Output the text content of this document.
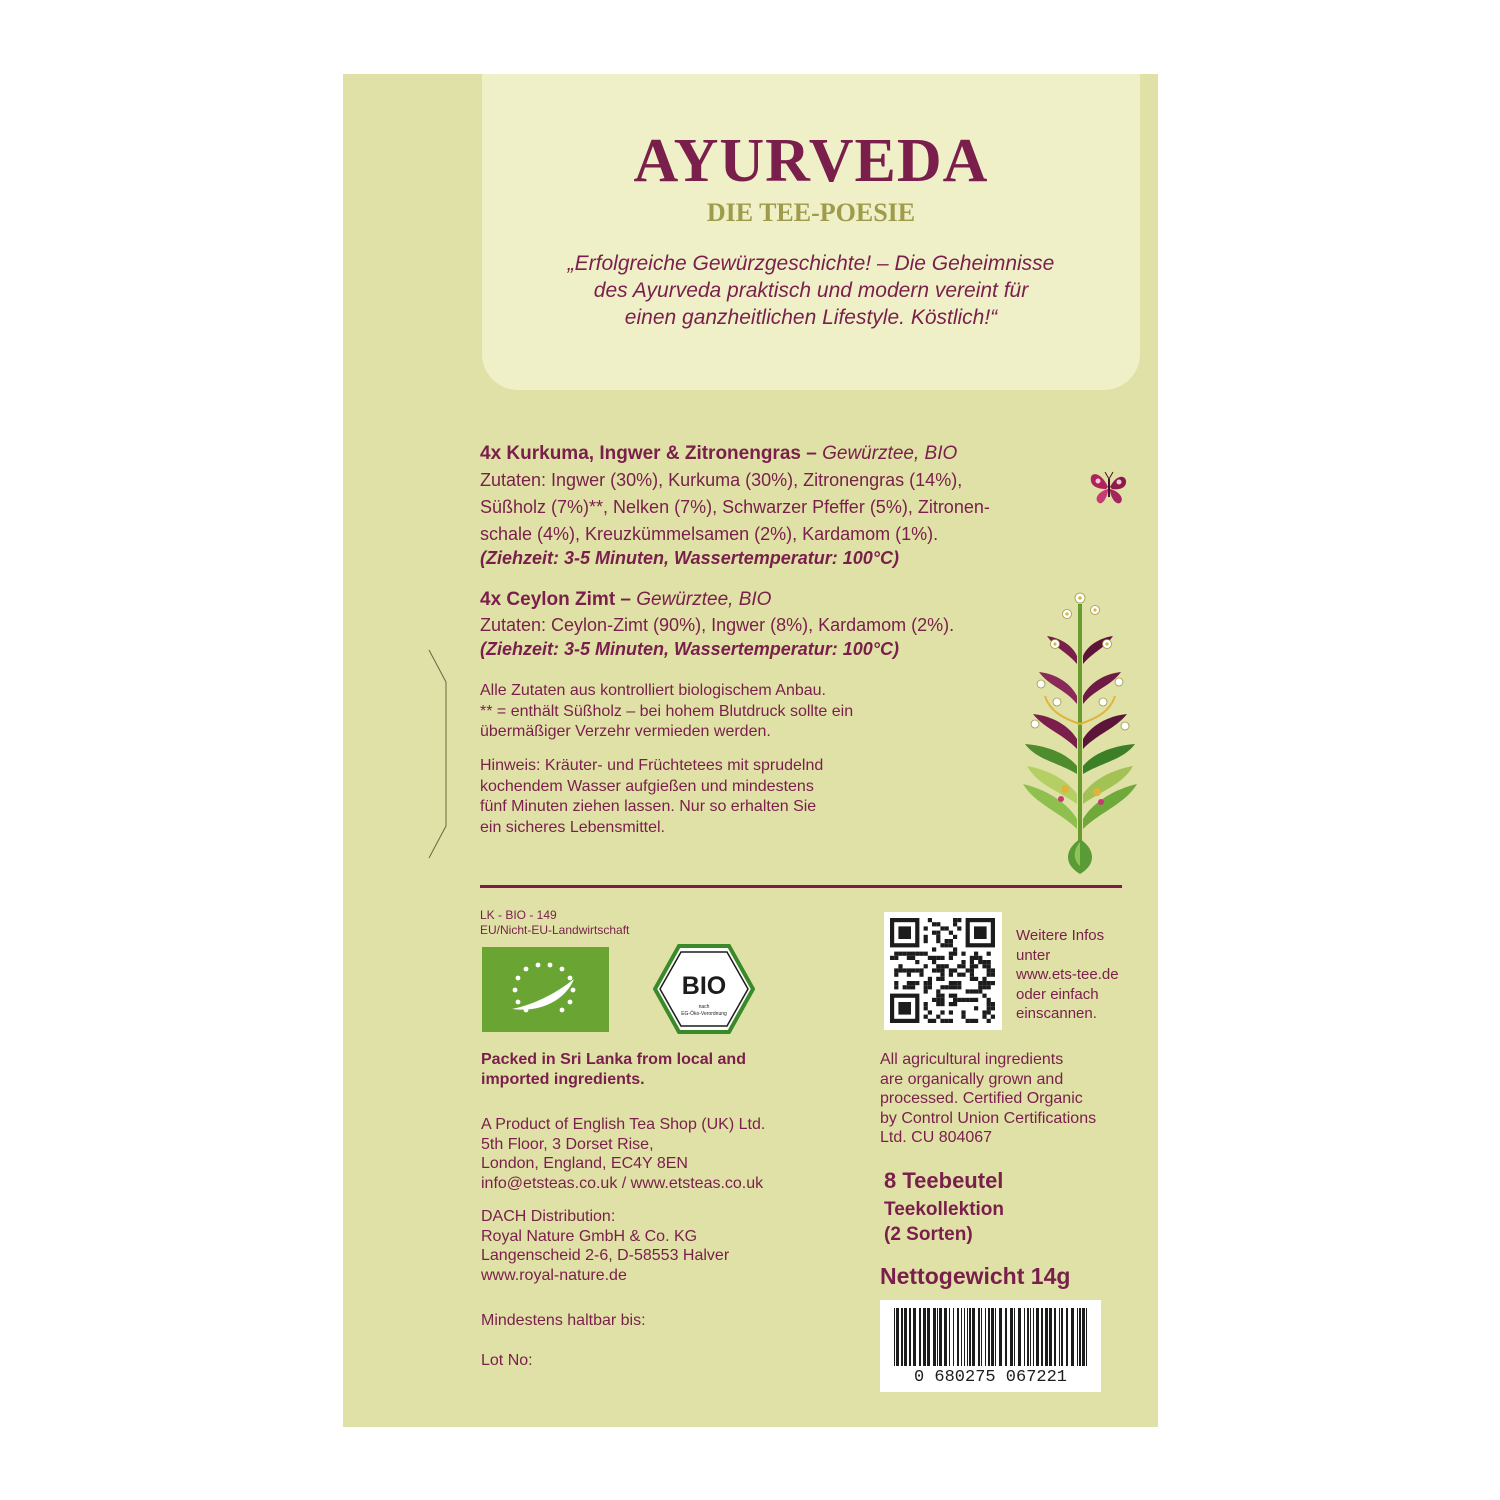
AYURVEDA
DIE TEE-POESIE
„Erfolgreiche Gewürzgeschichte! – Die Geheimnisse
des Ayurveda praktisch und modern vereint für
einen ganzheitlichen Lifestyle. Köstlich!“
4x Kurkuma, Ingwer & Zitronengras – Gewürztee, BIO
Zutaten: Ingwer (30%), Kurkuma (30%), Zitronengras (14%),
Süßholz (7%)**, Nelken (7%), Schwarzer Pfeffer (5%), Zitronen-
schale (4%), Kreuzkümmelsamen (2%), Kardamom (1%).
(Ziehzeit: 3-5 Minuten, Wassertemperatur: 100°C)
4x Ceylon Zimt – Gewürztee, BIO
Zutaten: Ceylon-Zimt (90%), Ingwer (8%), Kardamom (2%).
(Ziehzeit: 3-5 Minuten, Wassertemperatur: 100°C)
Alle Zutaten aus kontrolliert biologischem Anbau.
** = enthält Süßholz – bei hohem Blutdruck sollte ein
übermäßiger Verzehr vermieden werden.
Hinweis: Kräuter- und Früchtetees mit sprudelnd
kochendem Wasser aufgießen und mindestens
fünf Minuten ziehen lassen. Nur so erhalten Sie
ein sicheres Lebensmittel.
LK - BIO - 149
EU/Nicht-EU-Landwirtschaft
BIO
nach
EG-Öko-Verordnung
Weitere Infos
unter
www.ets-tee.de
oder einfach
einscannen.
Packed in Sri Lanka from local and
imported ingredients.
A Product of English Tea Shop (UK) Ltd.
5th Floor, 3 Dorset Rise,
London, England, EC4Y 8EN
info@etsteas.co.uk / www.etsteas.co.uk
DACH Distribution:
Royal Nature GmbH & Co. KG
Langenscheid 2-6, D-58553 Halver
www.royal-nature.de
Mindestens haltbar bis:
Lot No:
All agricultural ingredients
are organically grown and
processed. Certified Organic
by Control Union Certifications
Ltd. CU 804067
8 Teebeutel
Teekollektion
(2 Sorten)
Nettogewicht 14g
0 680275 067221
